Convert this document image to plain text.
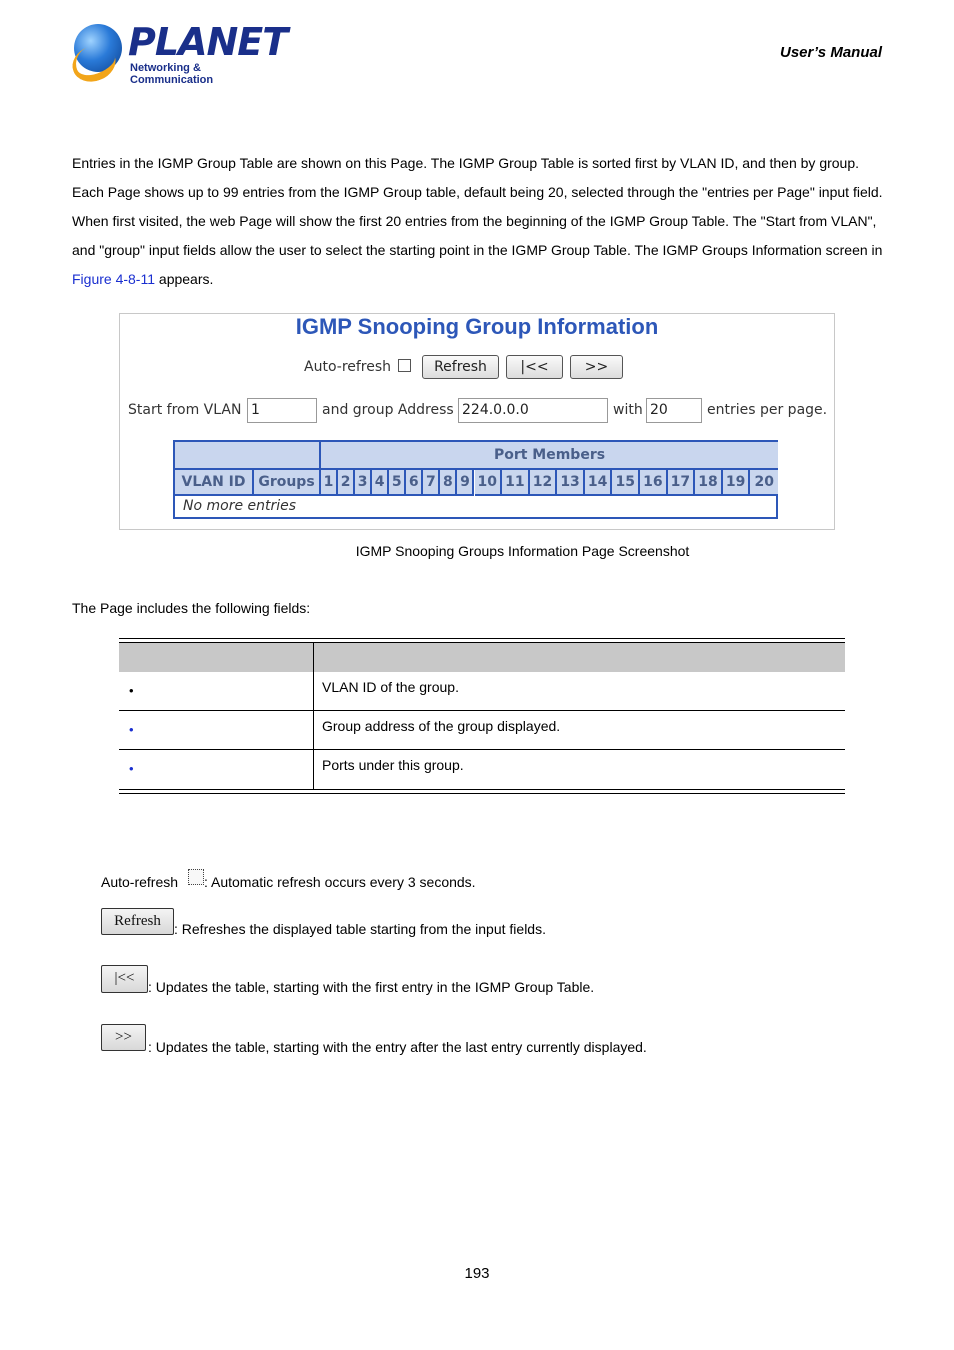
PLANET
Networking & Communication
User’s Manual
Entries in the IGMP Group Table are shown on this Page. The IGMP Group Table is sorted first by VLAN ID, and then by group. Each Page shows up to 99 entries from the IGMP Group table, default being 20, selected through the "entries per Page" input field. When first visited, the web Page will show the first 20 entries from the beginning of the IGMP Group Table. The "Start from VLAN", and "group" input fields allow the user to select the starting point in the IGMP Group Table. The IGMP Groups Information screen in Figure 4-8-11 appears.
IGMP Snooping Group Information
Auto-refresh	Refresh	|<<	>>
Start from VLAN 1	and group Address 224.0.0.0	with 20	entries per page.
Port Members
VLAN ID Groups 1 2 3 4 5 6 7 8 9 10 11 12 13 14 15 16 17 18 19 20
No more entries
IGMP Snooping Groups Information Page Screenshot
The Page includes the following fields:
•	VLAN ID of the group.
•	Group address of the group displayed.
•	Ports under this group.
Auto-refresh : Automatic refresh occurs every 3 seconds.
Refresh : Refreshes the displayed table starting from the input fields.
|<<
: Updates the table, starting with the first entry in the IGMP Group Table.
>>
: Updates the table, starting with the entry after the last entry currently displayed.
193
